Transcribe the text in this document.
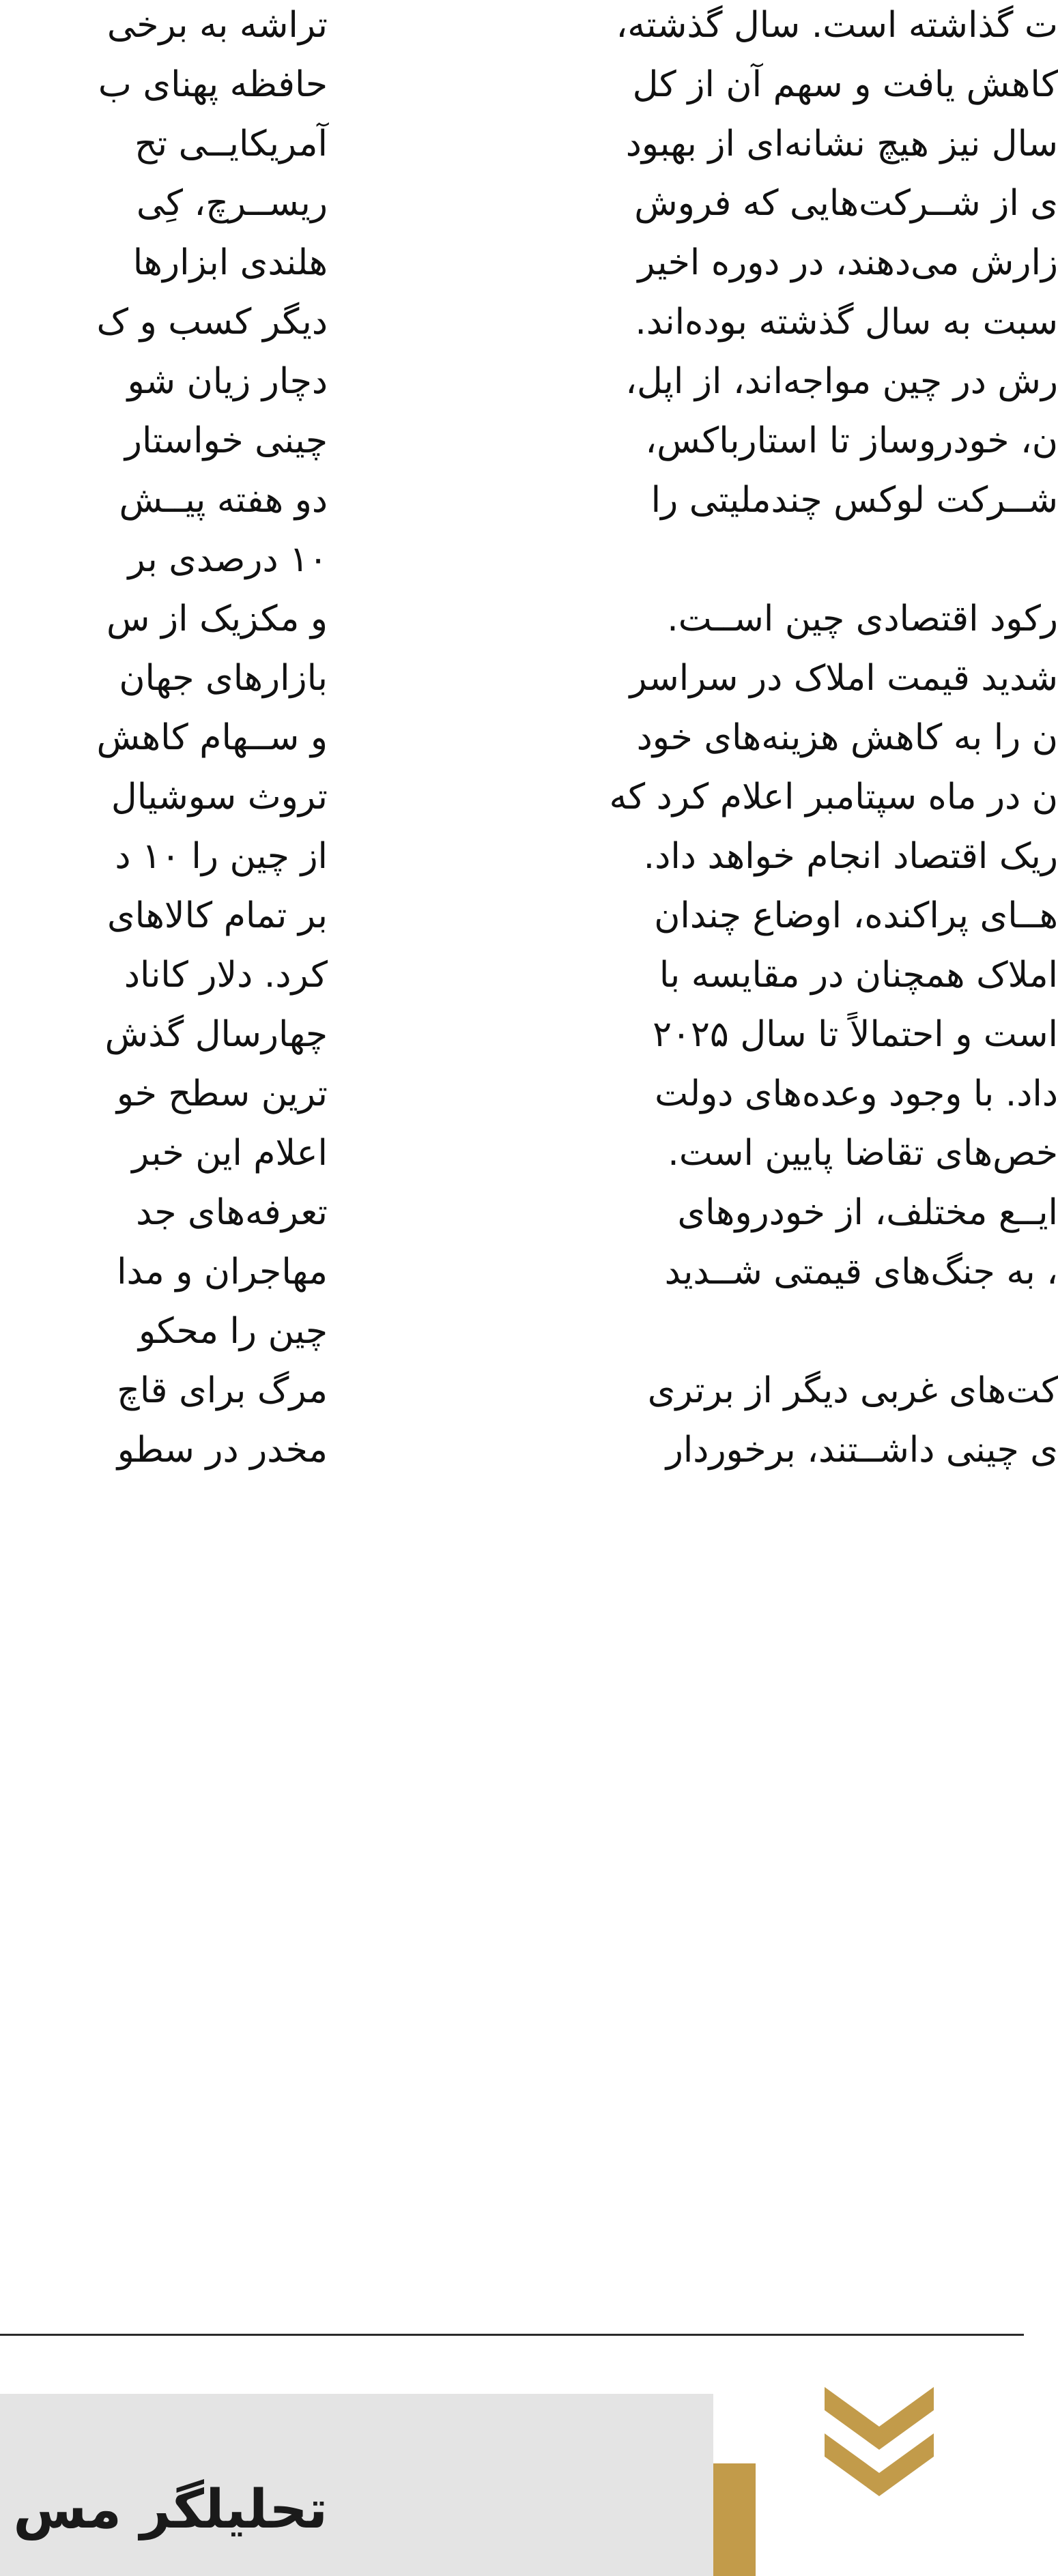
ت گذاشته است. سال گذشته،
کاهش یافت و سهم آن از کل
سال نیز هیچ نشانه‌ای از بهبود
ی از شــرکت‌هایی که فروش
زارش می‌دهند، در دوره اخیر
سبت به سال گذشته بوده‌اند.
رش در چین مواجه‌اند، از اپل،
ن، خودروساز تا استارباکس،
شــرکت لوکس چندملیتی را
رکود اقتصادی چین اســت.
شدید قیمت املاک در سراسر
ن را به کاهش هزینه‌های خود
ن در ماه سپتامبر اعلام کرد که
ریک اقتصاد انجام خواهد داد.
هــای پراکنده، اوضاع چندان
املاک همچنان در مقایسه با
است و احتمالاً تا سال ۲۰۲۵
داد. با وجود وعده‌های دولت
خص‌های تقاضا پایین است.
ایــع مختلف، از خودروهای
، به جنگ‌های قیمتی شــدید
کت‌های غربی دیگر از برتری
ی چینی داشــتند، برخوردار
تراشه به برخی
حافظه پهنای ب
آمریکایــی تح
ریســرچ، کِی
هلندی ابزارها
دیگر کسب و ک
دچار زیان شو
چینی خواستار
دو هفته پیــش
۱۰ درصدی بر
و مکزیک از س
بازارهای جهان
و ســهام کاهش
تروث سوشیال
از چین را ۱۰ د
بر تمام کالاهای
کرد. دلار کاناد
چهارسال گذش
ترین سطح خو
اعلام این خبر
تعرفه‌های جد
مهاجران و مدا
چین را محکو
مرگ برای قاچ
مخدر در سطو
تحلیلگر مس
